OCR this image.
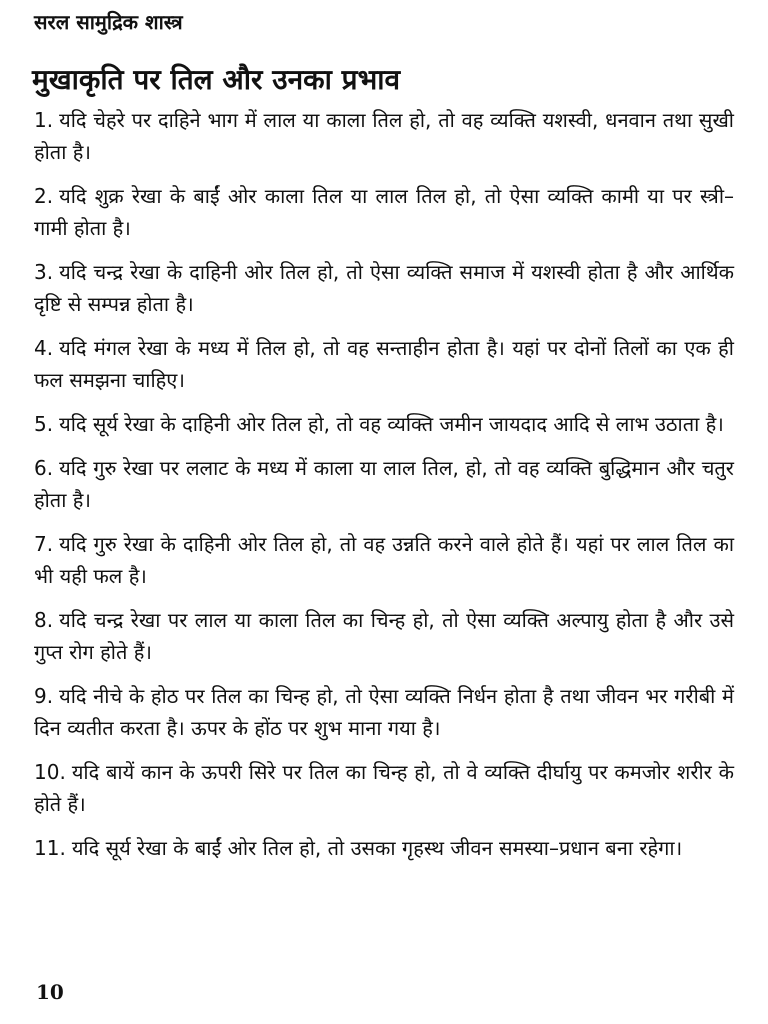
सरल सामुद्रिक शास्त्र
मुखाकृति पर तिल और उनका प्रभाव
1. यदि चेहरे पर दाहिने भाग में लाल या काला तिल हो, तो वह व्यक्ति यशस्वी, धनवान तथा सुखी होता है।
2. यदि शुक्र रेखा के बाईं ओर काला तिल या लाल तिल हो, तो ऐसा व्यक्ति कामी या पर स्त्री–गामी होता है।
3. यदि चन्द्र रेखा के दाहिनी ओर तिल हो, तो ऐसा व्यक्ति समाज में यशस्वी होता है और आर्थिक दृष्टि से सम्पन्न होता है।
4. यदि मंगल रेखा के मध्य में तिल हो, तो वह सन्ताहीन होता है। यहां पर दोनों तिलों का एक ही फल समझना चाहिए।
5. यदि सूर्य रेखा के दाहिनी ओर तिल हो, तो वह व्यक्ति जमीन जायदाद आदि से लाभ उठाता है।
6. यदि गुरु रेखा पर ललाट के मध्य में काला या लाल तिल, हो, तो वह व्यक्ति बुद्धिमान और चतुर होता है।
7. यदि गुरु रेखा के दाहिनी ओर तिल हो, तो वह उन्नति करने वाले होते हैं। यहां पर लाल तिल का भी यही फल है।
8. यदि चन्द्र रेखा पर लाल या काला तिल का चिन्ह हो, तो ऐसा व्यक्ति अल्पायु होता है और उसे गुप्त रोग होते हैं।
9. यदि नीचे के होठ पर तिल का चिन्ह हो, तो ऐसा व्यक्ति निर्धन होता है तथा जीवन भर गरीबी में दिन व्यतीत करता है। ऊपर के होंठ पर शुभ माना गया है।
10. यदि बायें कान के ऊपरी सिरे पर तिल का चिन्ह हो, तो वे व्यक्ति दीर्घायु पर कमजोर शरीर के होते हैं।
11. यदि सूर्य रेखा के बाईं ओर तिल हो, तो उसका गृहस्थ जीवन समस्या–प्रधान बना रहेगा।
10
